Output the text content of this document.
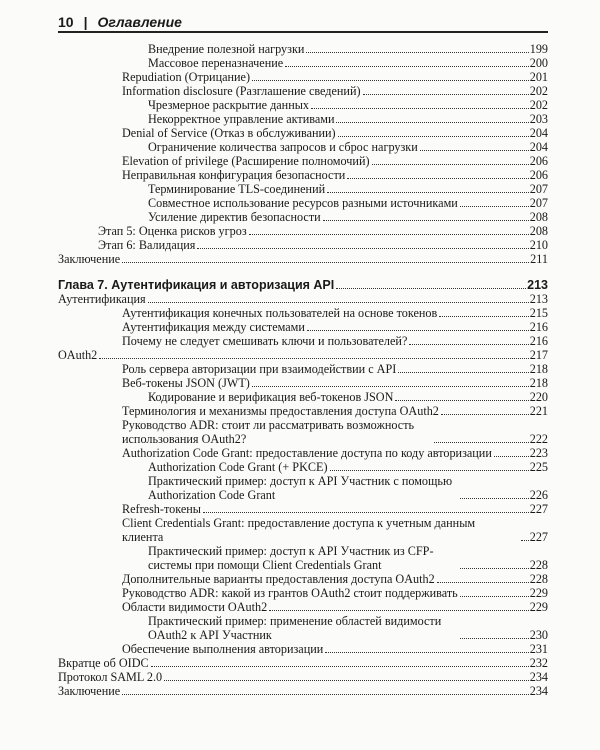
10 | Оглавление
Внедрение полезной нагрузки	199
Массовое переназначение	200
Repudiation (Отрицание)	201
Information disclosure (Разглашение сведений)	202
Чрезмерное раскрытие данных	202
Некорректное управление активами	203
Denial of Service (Отказ в обслуживании)	204
Ограничение количества запросов и сброс нагрузки	204
Elevation of privilege (Расширение полномочий)	206
Неправильная конфигурация безопасности	206
Терминирование TLS-соединений	207
Совместное использование ресурсов разными источниками	207
Усиление директив безопасности	208
Этап 5: Оценка рисков угроз	208
Этап 6: Валидация	210
Заключение	211
Глава 7. Аутентификация и авторизация API	213
Аутентификация	213
Аутентификация конечных пользователей на основе токенов	215
Аутентификация между системами	216
Почему не следует смешивать ключи и пользователей?	216
OAuth2	217
Роль сервера авторизации при взаимодействии с API	218
Веб-токены JSON (JWT)	218
Кодирование и верификация веб-токенов JSON	220
Терминология и механизмы предоставления доступа OAuth2	221
Руководство ADR: стоит ли рассматривать возможность использования OAuth2?	222
Authorization Code Grant: предоставление доступа по коду авторизации	223
Authorization Code Grant (+ PKCE)	225
Практический пример: доступ к API Участник с помощью Authorization Code Grant	226
Refresh-токены	227
Client Credentials Grant: предоставление доступа к учетным данным клиента	227
Практический пример: доступ к API Участник из CFP-системы при помощи Client Credentials Grant	228
Дополнительные варианты предоставления доступа OAuth2	228
Руководство ADR: какой из грантов OAuth2 стоит поддерживать	229
Области видимости OAuth2	229
Практический пример: применение областей видимости OAuth2 к API Участник	230
Обеспечение выполнения авторизации	231
Вкратце об OIDC	232
Протокол SAML 2.0	234
Заключение	234
